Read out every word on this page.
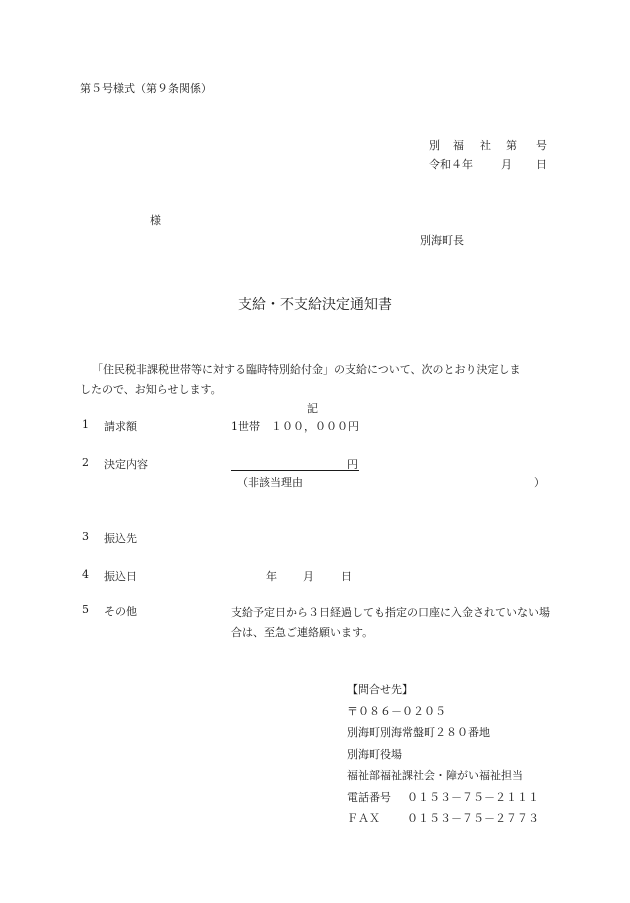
第５号様式（第９条関係）
別 福 社 第 号
令和４年	月 日
様
別海町長
支給・不支給決定通知書
「住民税非課税世帯等に対する臨時特別給付金」の支給について、次のとおり決定しま
したので、お知らせします。
記
1 請求額	1世帯　１００，０００円
2 決定内容	円
（非該当理由	）
3 振込先
4 振込日	年 月 日
5 その他	支給予定日から３日経過しても指定の口座に入金されていない場合は、至急ご連絡願います。
【問合せ先】
〒０８６－０２０５
別海町別海常盤町２８０番地
別海町役場
福祉部福祉課社会・障がい福祉担当
電話番号 ０１５３－７５－２１１１
ＦＡＸ ０１５３－７５－２７７３
